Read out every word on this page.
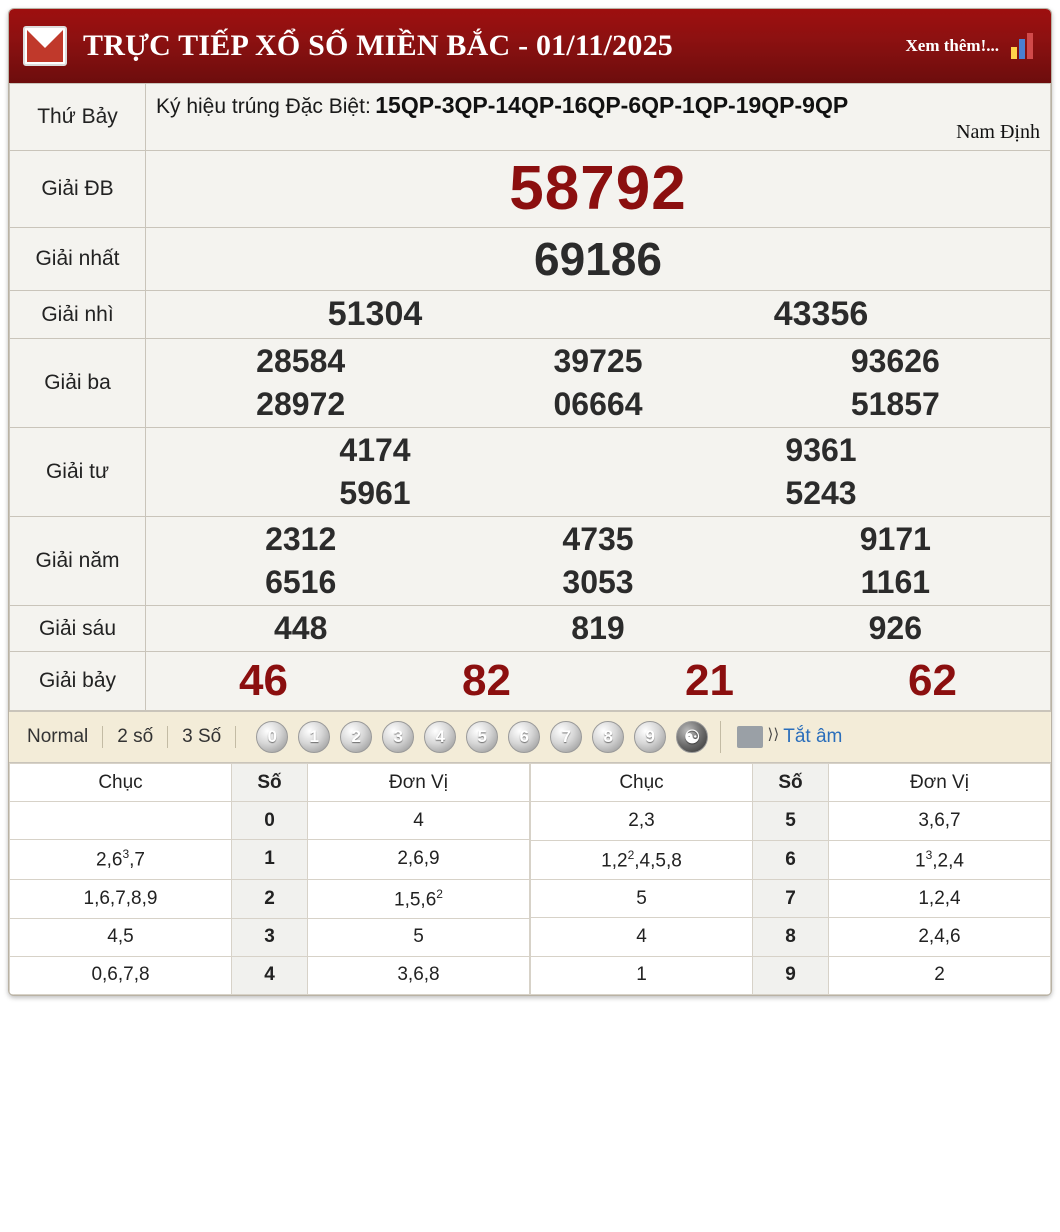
TRỰC TIẾP XỔ SỐ MIỀN BẮC - 01/11/2025	Xem thêm!...
Thứ Bảy	Ký hiệu trúng Đặc Biệt: 15QP-3QP-14QP-16QP-6QP-1QP-19QP-9QP
Nam Định

Giải ĐB	58792

Giải nhất	69186

Giải nhì	51304 43356

Giải ba	
28584	39725	93626
28972	06664	51857

Giải tư	4174 9361
5961 5243

Giải năm	
2312	4735	9171
6516	3053	1161

Giải sáu	448 819 926

Giải bảy	46 82 21 62
Normal	2 số	3 Số	0	1	2	3	4	5	6	7	8	9	☯ ⟩⟩	Tắt âm
Chục	Số	Đơn Vị
	0	4
$2,6^3,7$	1	2,6,9
1,6,7,8,9	2	1,5,6$^2$
4,5	3	5
0,6,7,8	4	3,6,8
Chục	Số	Đơn Vị
2,3	5	3,6,7
$1,2^2,4,5,8$	6	$1^3,2,4$
5	7	1,2,4
4	8	2,4,6
1	9	2
